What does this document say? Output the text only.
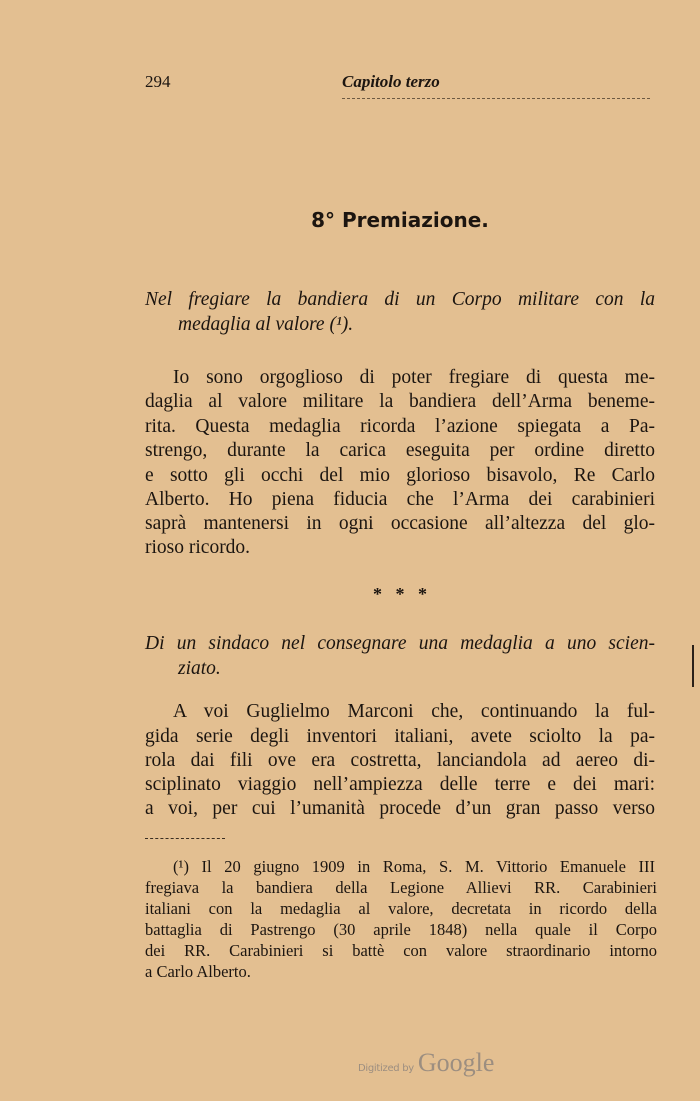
294	Capitolo terzo
8° Premiazione.
Nel fregiare la bandiera di un Corpo militare con la
medaglia al valore (¹).
Io sono orgoglioso di poter fregiare di questa me-
daglia al valore militare la bandiera dell’Arma beneme-
rita. Questa medaglia ricorda l’azione spiegata a Pa-
strengo, durante la carica eseguita per ordine diretto
e sotto gli occhi del mio glorioso bisavolo, Re Carlo
Alberto. Ho piena fiducia che l’Arma dei carabinieri
saprà mantenersi in ogni occasione all’altezza del glo-
rioso ricordo.
*   *   *
Di un sindaco nel consegnare una medaglia a uno scien-
ziato.
A voi Guglielmo Marconi che, continuando la ful-
gida serie degli inventori italiani, avete sciolto la pa-
rola dai fili ove era costretta, lanciandola ad aereo di-
sciplinato viaggio nell’ampiezza delle terre e dei mari:
a voi, per cui l’umanità procede d’un gran passo verso
(¹) Il 20 giugno 1909 in Roma, S. M. Vittorio Emanuele III
fregiava la bandiera della Legione Allievi RR. Carabinieri
italiani con la medaglia al valore, decretata in ricordo della
battaglia di Pastrengo (30 aprile 1848) nella quale il Corpo
dei RR. Carabinieri si battè con valore straordinario intorno
a Carlo Alberto.
Digitized by Google
